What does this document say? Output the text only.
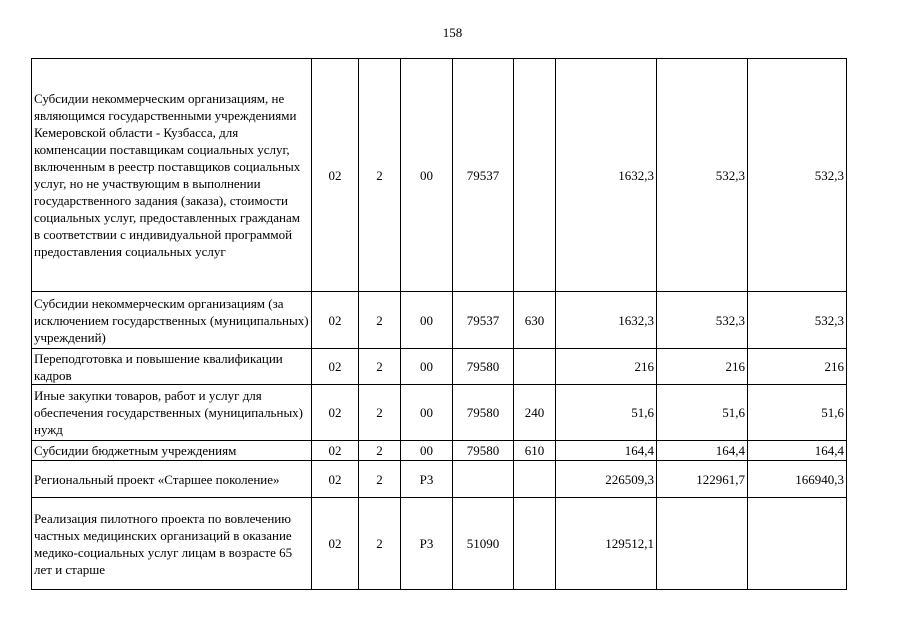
158
Субсидии некоммерческим организациям, не являющимся государственными учреждениями Кемеровской области - Кузбасса, для компенсации поставщикам социальных услуг, включенным в реестр поставщиков социальных услуг, но не участвующим в выполнении государственного задания (заказа), стоимости социальных услуг, предоставленных гражданам в соответствии с индивидуальной программой предоставления социальных услуг	02	2	00	79537		1632,3	532,3	532,3
Субсидии некоммерческим организациям (за исключением государственных (муниципальных) учреждений)	02	2	00	79537	630	1632,3	532,3	532,3
Переподготовка и повышение квалификации кадров	02	2	00	79580		216	216	216
Иные закупки товаров, работ и услуг для обеспечения государственных (муниципальных) нужд	02	2	00	79580	240	51,6	51,6	51,6
Субсидии бюджетным учреждениям	02	2	00	79580	610	164,4	164,4	164,4
Региональный проект «Старшее поколение»	02	2	P3			226509,3	122961,7	166940,3
Реализация пилотного проекта по вовлечению частных медицинских организаций в оказание медико-социальных услуг лицам в возрасте 65 лет и старше	02	2	P3	51090		129512,1		
